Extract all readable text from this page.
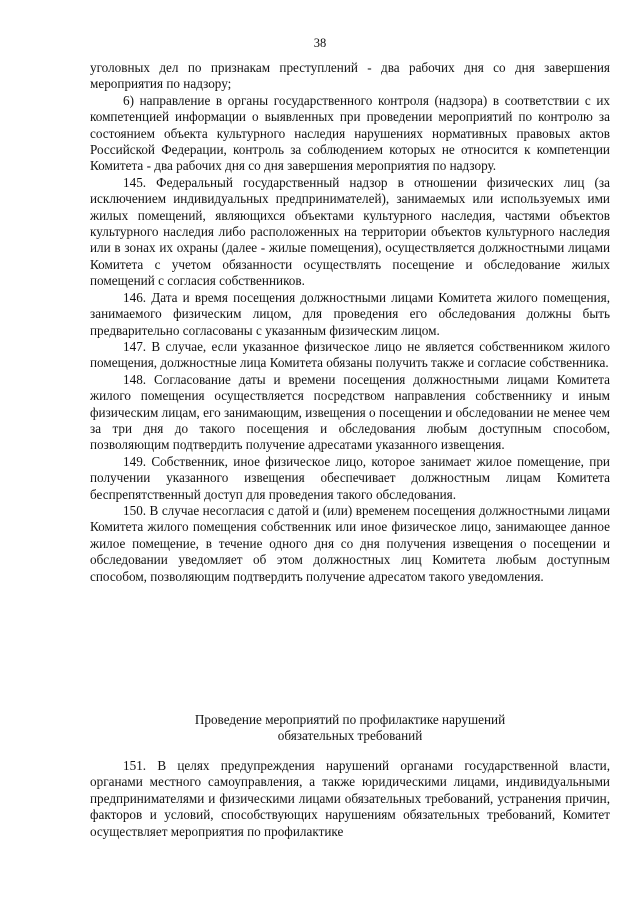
38

уголовных дел по признакам преступлений - два рабочих дня со дня завершения мероприятия по надзору;

6) направление в органы государственного контроля (надзора) в соответствии с их компетенцией информации о выявленных при проведении мероприятий по контролю за состоянием объекта культурного наследия нарушениях нормативных правовых актов Российской Федерации, контроль за соблюдением которых не относится к компетенции Комитета - два рабочих дня со дня завершения мероприятия по надзору.

145. Федеральный государственный надзор в отношении физических лиц (за исключением индивидуальных предпринимателей), занимаемых или используемых ими жилых помещений, являющихся объектами культурного наследия, частями объектов культурного наследия либо расположенных на территории объектов культурного наследия или в зонах их охраны (далее - жилые помещения), осуществляется должностными лицами Комитета с учетом обязанности осуществлять посещение и обследование жилых помещений с согласия собственников.

146. Дата и время посещения должностными лицами Комитета жилого помещения, занимаемого физическим лицом, для проведения его обследования должны быть предварительно согласованы с указанным физическим лицом.

147. В случае, если указанное физическое лицо не является собственником жилого помещения, должностные лица Комитета обязаны получить также и согласие собственника.

148. Согласование даты и времени посещения должностными лицами Комитета жилого помещения осуществляется посредством направления собственнику и иным физическим лицам, его занимающим, извещения о посещении и обследовании не менее чем за три дня до такого посещения и обследования любым доступным способом, позволяющим подтвердить получение адресатами указанного извещения.

149. Собственник, иное физическое лицо, которое занимает жилое помещение, при получении указанного извещения обеспечивает должностным лицам Комитета беспрепятственный доступ для проведения такого обследования.

150. В случае несогласия с датой и (или) временем посещения должностными лицами Комитета жилого помещения собственник или иное физическое лицо, занимающее данное жилое помещение, в течение одного дня со дня получения извещения о посещении и обследовании уведомляет об этом должностных лиц Комитета любым доступным способом, позволяющим подтвердить получение адресатом такого уведомления.

Проведение мероприятий по профилактике нарушений
обязательных требований

151. В целях предупреждения нарушений органами государственной власти, органами местного самоуправления, а также юридическими лицами, индивидуальными предпринимателями и физическими лицами обязательных требований, устранения причин, факторов и условий, способствующих нарушениям обязательных требований, Комитет осуществляет мероприятия по профилактике
